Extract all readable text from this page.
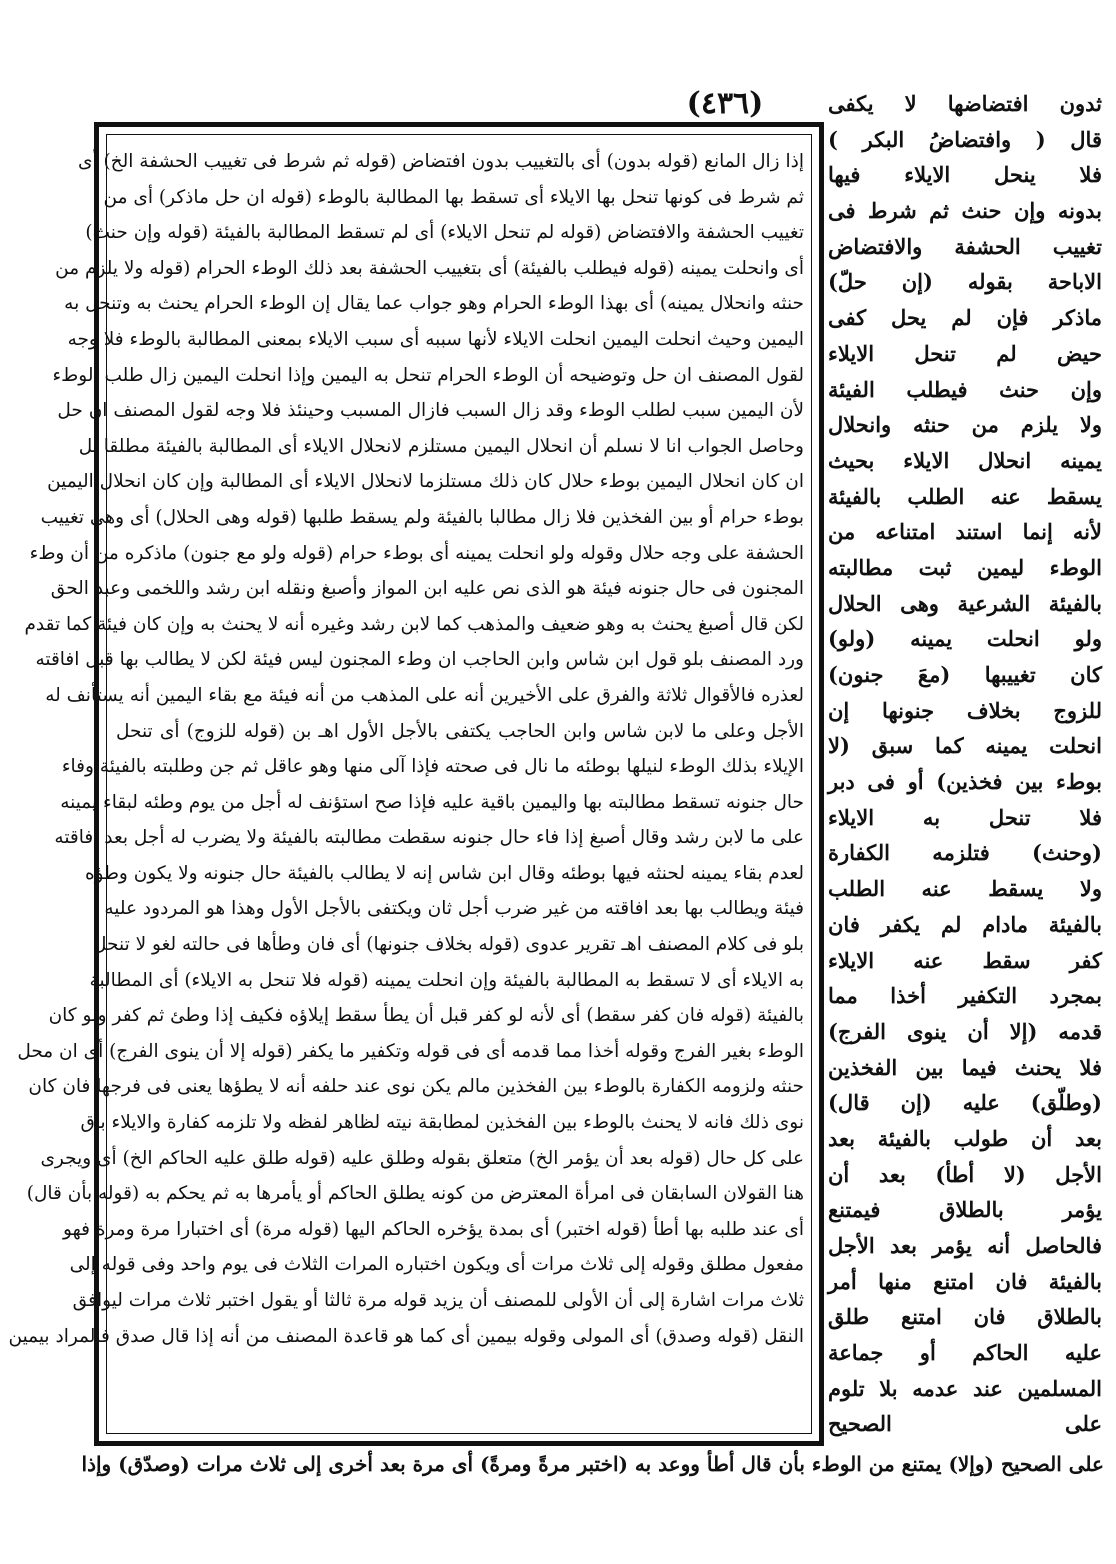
(٤٣٦)	ثدون افتضاضها لا يكفى
قال ( وافتضاضُ البكر )
فلا ينحل الايلاء فيها
بدونه وإن حنث ثم شرط فى
تغييب الحشفة والافتضاض
الاباحة بقوله (إن حلّ)
ماذكر فإن لم يحل كفى
حيض لم تنحل الايلاء
وإن حنث فيطلب الفيئة
ولا يلزم من حنثه وانحلال
يمينه انحلال الايلاء بحيث
يسقط عنه الطلب بالفيئة
لأنه إنما استند امتناعه من
الوطء ليمين ثبت مطالبته
بالفيئة الشرعية وهى الحلال
ولو انحلت يمينه (ولو)
كان تغييبها (معَ جنون)
للزوج بخلاف جنونها إن
انحلت يمينه كما سبق (لا
بوطء بين فخذين) أو فى دبر
فلا تنحل به الايلاء
(وحنث) فتلزمه الكفارة
ولا يسقط عنه الطلب
بالفيئة مادام لم يكفر فان
كفر سقط عنه الايلاء
بمجرد التكفير أخذا مما
قدمه (إلا أن ينوى الفرج)
فلا يحنث فيما بين الفخذين
(وطلّق) عليه (إن قال)
بعد أن طولب بالفيئة بعد
الأجل (لا أطأ) بعد أن
يؤمر بالطلاق فيمتنع
فالحاصل أنه يؤمر بعد الأجل
بالفيئة فان امتنع منها أمر
بالطلاق فان امتنع طلق
عليه الحاكم أو جماعة
المسلمين عند عدمه بلا تلوم
على الصحيح
إذا زال المانع (قوله بدون) أى بالتغييب بدون افتضاض (قوله ثم شرط فى تغييب الحشفة الخ) أى
ثم شرط فى كونها تنحل بها الايلاء أى تسقط بها المطالبة بالوطء (قوله ان حل ماذكر) أى من
تغييب الحشفة والافتضاض (قوله لم تنحل الايلاء) أى لم تسقط المطالبة بالفيئة (قوله وإن حنث)
أى وانحلت يمينه (قوله فيطلب بالفيئة) أى بتغييب الحشفة بعد ذلك الوطء الحرام (قوله ولا يلزم من
حنثه وانحلال يمينه) أى بهذا الوطء الحرام وهو جواب عما يقال إن الوطء الحرام يحنث به وتنحل به
اليمين وحيث انحلت اليمين انحلت الايلاء لأنها سببه أى سبب الايلاء بمعنى المطالبة بالوطء فلا وجه
لقول المصنف ان حل وتوضيحه أن الوطء الحرام تنحل به اليمين وإذا انحلت اليمين زال طلب الوطء
لأن اليمين سبب لطلب الوطء وقد زال السبب فازال المسبب وحينئذ فلا وجه لقول المصنف ان حل
وحاصل الجواب انا لا نسلم أن انحلال اليمين مستلزم لانحلال الايلاء أى المطالبة بالفيئة مطلقا بل
ان كان انحلال اليمين بوطء حلال كان ذلك مستلزما لانحلال الايلاء أى المطالبة وإن كان انحلال اليمين
بوطء حرام أو بين الفخذين فلا زال مطالبا بالفيئة ولم يسقط طلبها (قوله وهى الحلال) أى وهى تغييب
الحشفة على وجه حلال وقوله ولو انحلت يمينه أى بوطء حرام (قوله ولو مع جنون) ماذكره من أن وطء
المجنون فى حال جنونه فيئة هو الذى نص عليه ابن المواز وأصبغ ونقله ابن رشد واللخمى وعبد الحق
لكن قال أصبغ يحنث به وهو ضعيف والمذهب كما لابن رشد وغيره أنه لا يحنث به وإن كان فيئة كما تقدم
ورد المصنف بلو قول ابن شاس وابن الحاجب ان وطء المجنون ليس فيئة لكن لا يطالب بها قبل افاقته
لعذره فالأقوال ثلاثة والفرق على الأخيرين أنه على المذهب من أنه فيئة مع بقاء اليمين أنه يستأنف له
الأجل وعلى ما لابن شاس وابن الحاجب يكتفى بالأجل الأول اهـ بن (قوله للزوج) أى تنحل
الإيلاء بذلك الوطء لنيلها بوطئه ما نال فى صحته فإذا آلى منها وهو عاقل ثم جن وطلبته بالفيئة وفاء
حال جنونه تسقط مطالبته بها واليمين باقية عليه فإذا صح استؤنف له أجل من يوم وطئه لبقاء يمينه
على ما لابن رشد وقال أصبغ إذا فاء حال جنونه سقطت مطالبته بالفيئة ولا يضرب له أجل بعد افاقته
لعدم بقاء يمينه لحنثه فيها بوطئه وقال ابن شاس إنه لا يطالب بالفيئة حال جنونه ولا يكون وطؤه
فيئة ويطالب بها بعد افاقته من غير ضرب أجل ثان ويكتفى بالأجل الأول وهذا هو المردود عليه
بلو فى كلام المصنف اهـ تقرير عدوى (قوله بخلاف جنونها) أى فان وطأها فى حالته لغو لا تنحل
به الايلاء أى لا تسقط به المطالبة بالفيئة وإن انحلت يمينه (قوله فلا تنحل به الايلاء) أى المطالبة
بالفيئة (قوله فان كفر سقط) أى لأنه لو كفر قبل أن يطأ سقط إيلاؤه فكيف إذا وطئ ثم كفر ولو كان
الوطء بغير الفرج وقوله أخذا مما قدمه أى فى قوله وتكفير ما يكفر (قوله إلا أن ينوى الفرج) أى ان محل
حنثه ولزومه الكفارة بالوطء بين الفخذين مالم يكن نوى عند حلفه أنه لا يطؤها يعنى فى فرجها فان كان
نوى ذلك فانه لا يحنث بالوطء بين الفخذين لمطابقة نيته لظاهر لفظه ولا تلزمه كفارة والايلاء باق
على كل حال (قوله بعد أن يؤمر الخ) متعلق بقوله وطلق عليه (قوله طلق عليه الحاكم الخ) أى ويجرى
هنا القولان السابقان فى امرأة المعترض من كونه يطلق الحاكم أو يأمرها به ثم يحكم به (قوله بأن قال)
أى عند طلبه بها أطأ (قوله اختبر) أى بمدة يؤخره الحاكم اليها (قوله مرة) أى اختبارا مرة ومرة فهو
مفعول مطلق وقوله إلى ثلاث مرات أى ويكون اختباره المرات الثلاث فى يوم واحد وفى قوله إلى
ثلاث مرات اشارة إلى أن الأولى للمصنف أن يزيد قوله مرة ثالثا أو يقول اختبر ثلاث مرات ليوافق
النقل (قوله وصدق) أى المولى وقوله بيمين أى كما هو قاعدة المصنف من أنه إذا قال صدق فالمراد بيمين
على الصحيح (وإلا) يمتنع من الوطء بأن قال أطأ ووعد به (اختبر مرةً ومرةً) أى مرة بعد أخرى إلى ثلاث مرات (وصدّق) وإذا
